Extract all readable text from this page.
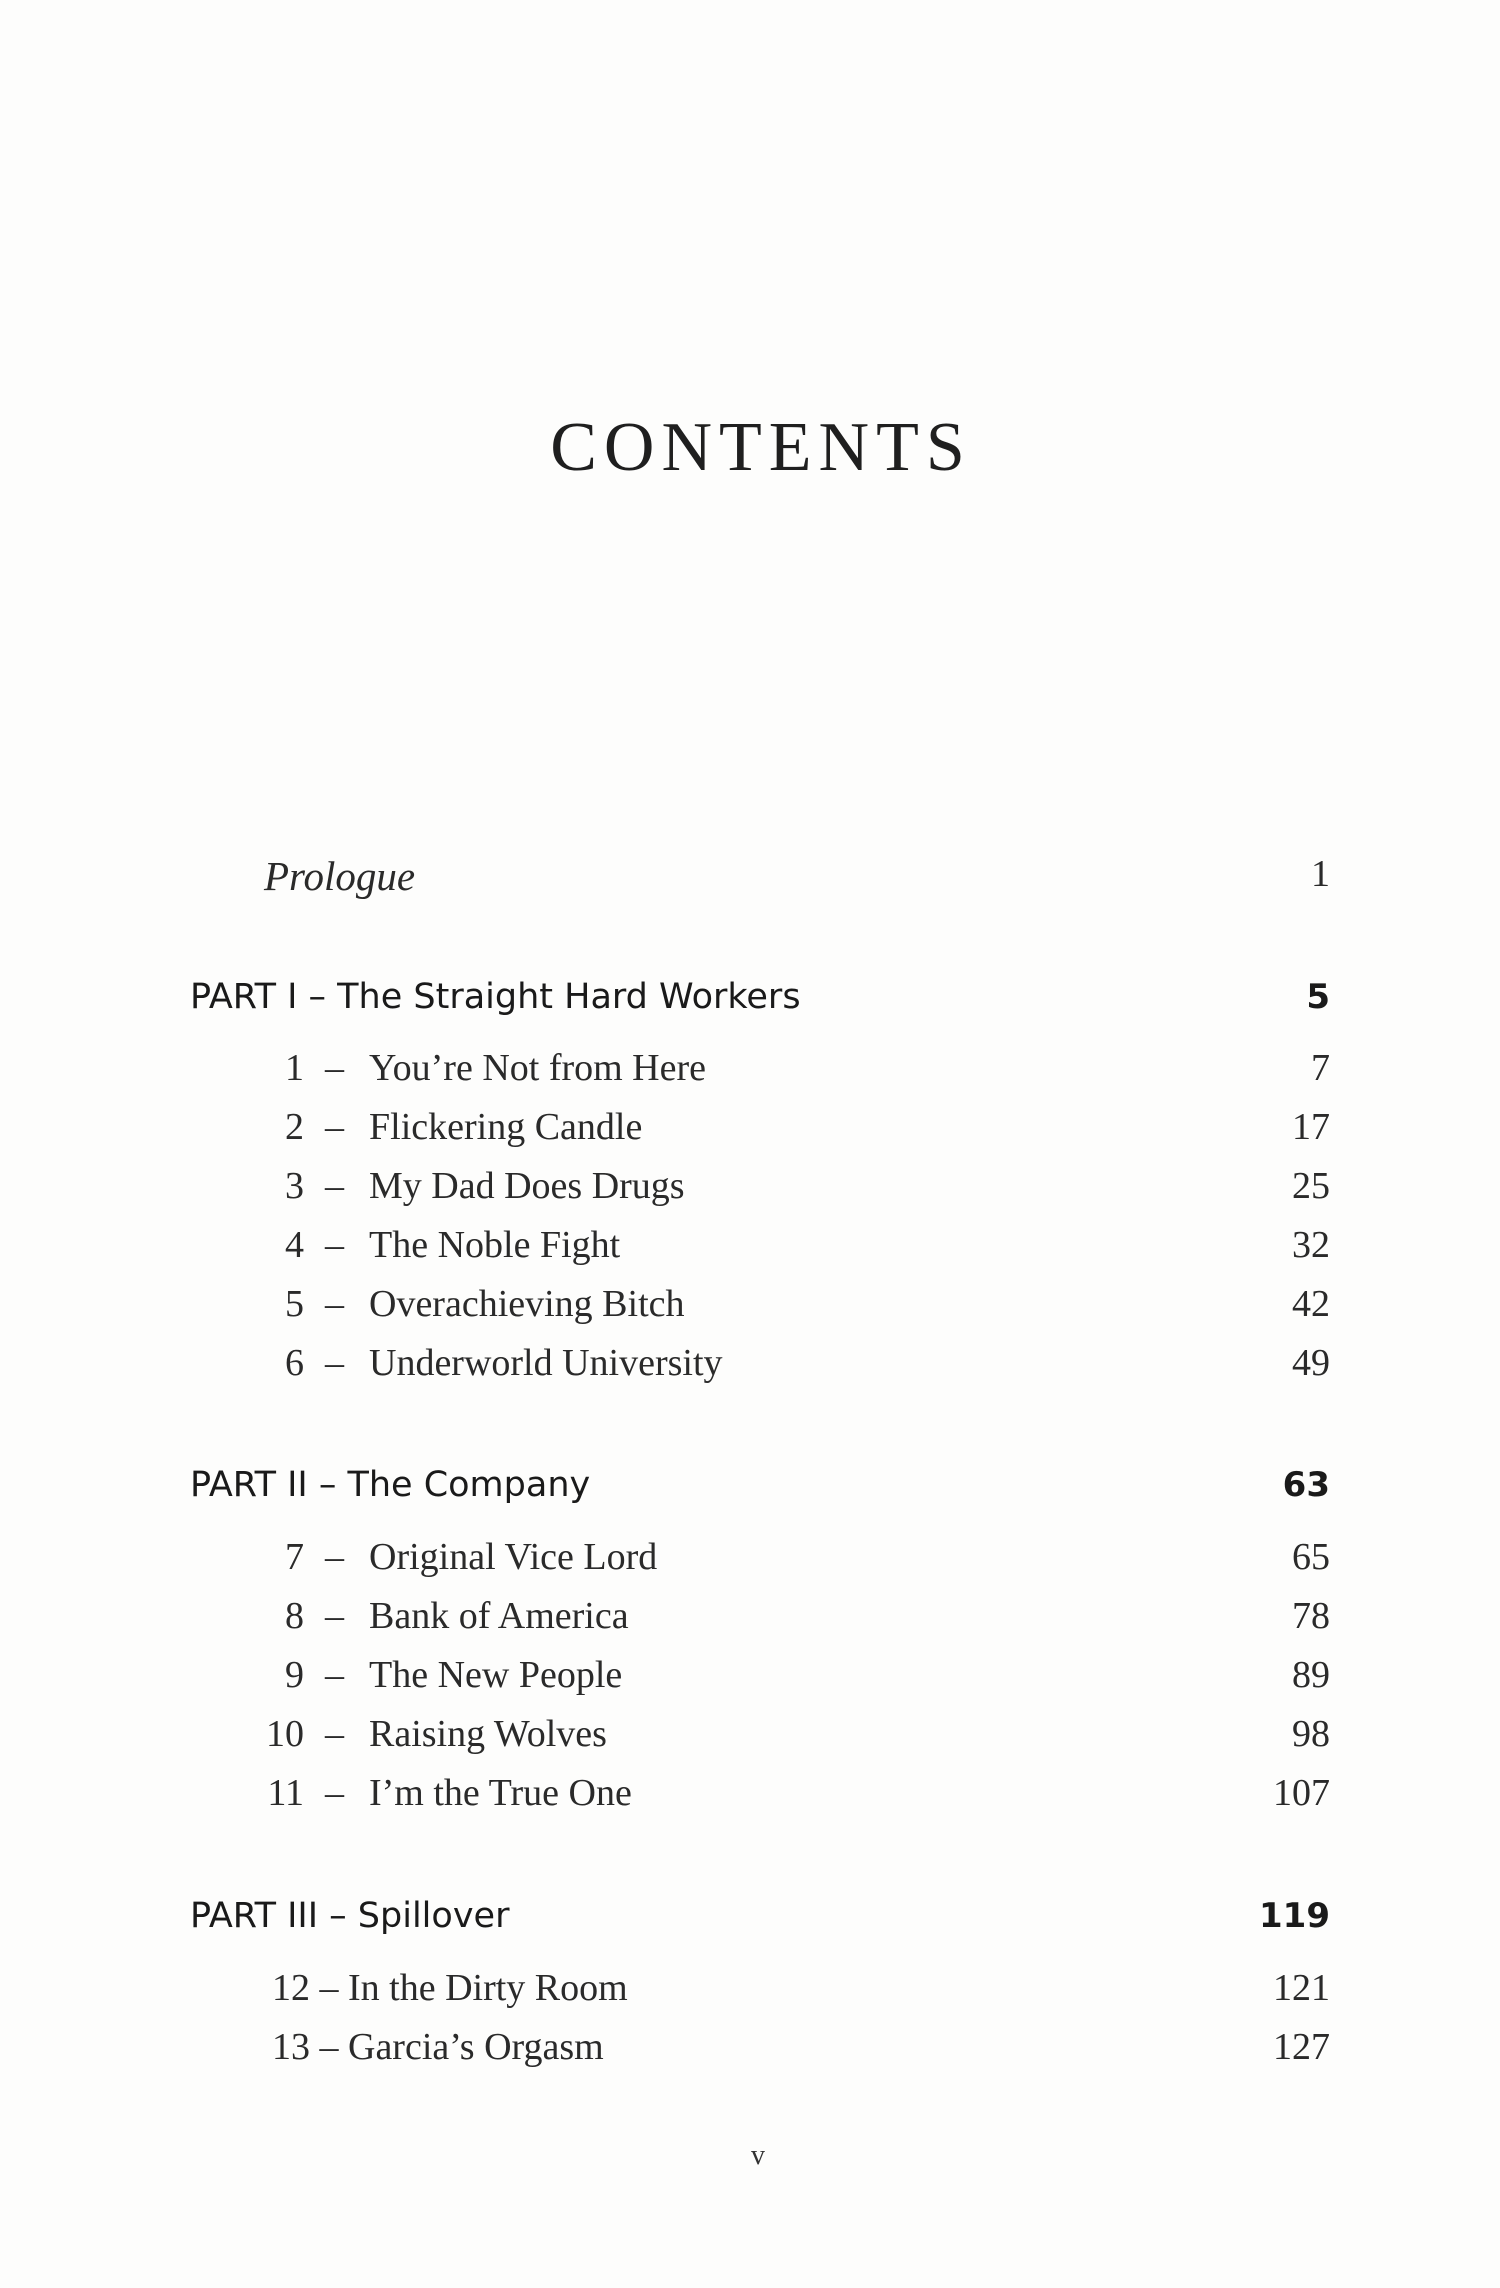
CONTENTS
Prologue	1
PART I – The Straight Hard Workers	5
1 – You’re Not from Here	7
2 – Flickering Candle	17
3 – My Dad Does Drugs	25
4 – The Noble Fight	32
5 – Overachieving Bitch	42
6 – Underworld University	49
PART II – The Company	63
7 – Original Vice Lord	65
8 – Bank of America	78
9 – The New People	89
10 – Raising Wolves	98
11 – I’m the True One	107
PART III – Spillover	119
12 – In the Dirty Room	121
13 – Garcia’s Orgasm	127
v
